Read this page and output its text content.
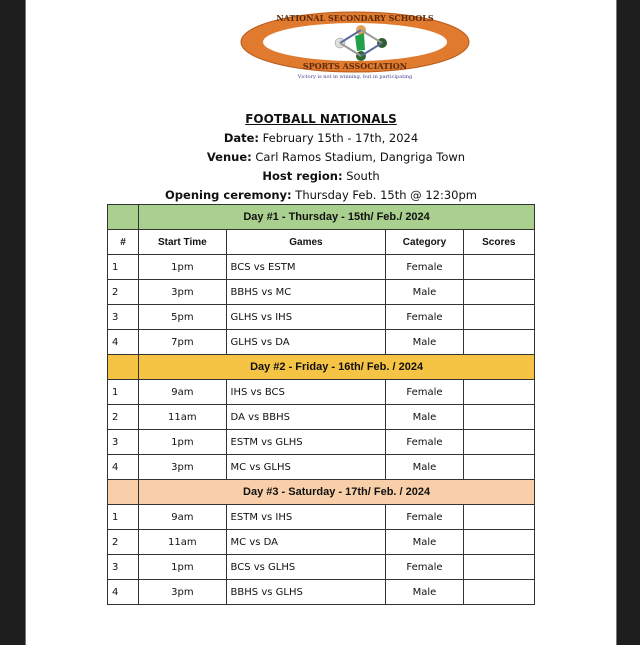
NATIONAL SECONDARY SCHOOLS
SPORTS ASSOCIATION
Victory is not in winning, but in participating
FOOTBALL NATIONALS
Date: February 15th - 17th, 2024
Venue: Carl Ramos Stadium, Dangriga Town
Host region: South
Opening ceremony: Thursday Feb. 15th @ 12:30pm
	Day #1 - Thursday - 15th/ Feb./ 2024			
#	Start Time	Games	Category	Scores
1	1pm	BCS vs ESTM	Female	
2	3pm	BBHS vs MC	Male	
3	5pm	GLHS vs IHS	Female	
4	7pm	GLHS vs DA	Male	
	Day #2 - Friday - 16th/ Feb. / 2024			
1	9am	IHS vs BCS	Female	
2	11am	DA vs BBHS	Male	
3	1pm	ESTM vs GLHS	Female	
4	3pm	MC vs GLHS	Male	
	Day #3 - Saturday - 17th/ Feb. / 2024			
1	9am	ESTM vs IHS	Female	
2	11am	MC vs DA	Male	
3	1pm	BCS vs GLHS	Female	
4	3pm	BBHS vs GLHS	Male	
